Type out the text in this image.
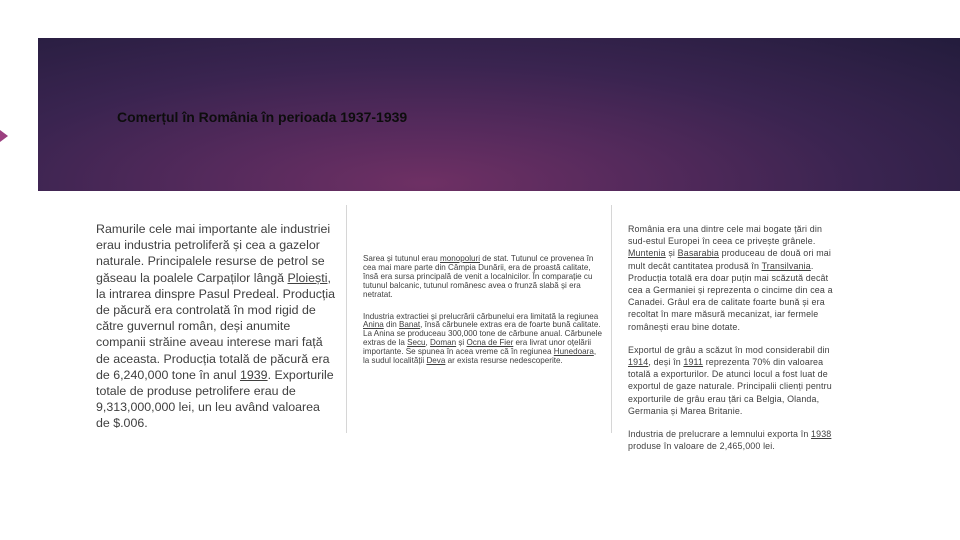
Comerțul în România în perioada 1937-1939

Ramurile cele mai importante ale industriei erau industria petroliferă și cea a gazelor naturale. Principalele resurse de petrol se găseau la poalele Carpaților lângă Ploiești, la intrarea dinspre Pasul Predeal. Producția de păcură era controlată în mod rigid de către guvernul român, deși anumite companii străine aveau interese mari față de aceasta. Producția totală de păcură era de 6,240,000 tone în anul 1939. Exporturile totale de produse petrolifere erau de 9,313,000,000 lei, un leu având valoarea de $.006.

Sarea și tutunul erau monopoluri de stat. Tutunul ce provenea în cea mai mare parte din Câmpia Dunării, era de proastă calitate, însă era sursa principală de venit a localnicilor. În comparație cu tutunul balcanic, tutunul românesc avea o frunză slabă și era netratat.

Industria extractiei și prelucrării cărbunelui era limitată la regiunea Anina din Banat, însă cărbunele extras era de foarte bună calitate. La Anina se produceau 300,000 tone de cărbune anual. Cărbunele extras de la Secu, Doman și Ocna de Fier era livrat unor oțelării importante. Se spunea în acea vreme că în regiunea Hunedoara, la sudul localității Deva ar exista resurse nedescoperite.

România era una dintre cele mai bogate țări din sud-estul Europei în ceea ce privește grânele. Muntenia și Basarabia produceau de două ori mai mult decât cantitatea produsă în Transilvania. Producția totală era doar puțin mai scăzută decât cea a Germaniei și reprezenta o cincime din cea a Canadei. Grâul era de calitate foarte bună și era recoltat în mare măsură mecanizat, iar fermele românești erau bine dotate.

Exportul de grâu a scăzut în mod considerabil din 1914, deși în 1911 reprezenta 70% din valoarea totală a exporturilor. De atunci locul a fost luat de exportul de gaze naturale. Principalii clienți pentru exporturile de grâu erau țări ca Belgia, Olanda, Germania și Marea Britanie.

Industria de prelucrare a lemnului exporta în 1938 produse în valoare de 2,465,000 lei.
